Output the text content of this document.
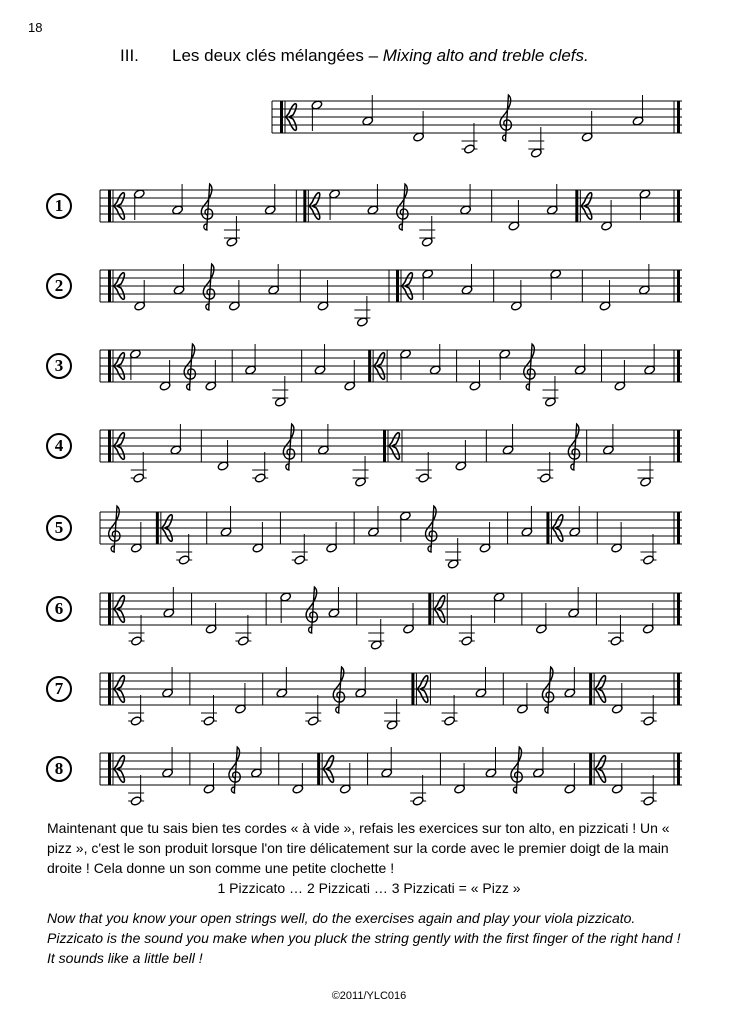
18
III. Les deux clés mélangées – Mixing alto and treble clefs.
1
2
3
4
5
6
7
8
Maintenant que tu sais bien tes cordes « à vide », refais les exercices sur ton alto, en pizzicati ! Un « pizz », c'est le son produit lorsque l'on tire délicatement sur la corde avec le premier doigt de la main droite ! Cela donne un son comme une petite clochette !
1 Pizzicato … 2 Pizzicati … 3 Pizzicati = « Pizz »
Now that you know your open strings well, do the exercises again and play your viola pizzicato. Pizzicato is the sound you make when you pluck the string gently with the first finger of the right hand ! It sounds like a little bell !
©2011/YLC016
